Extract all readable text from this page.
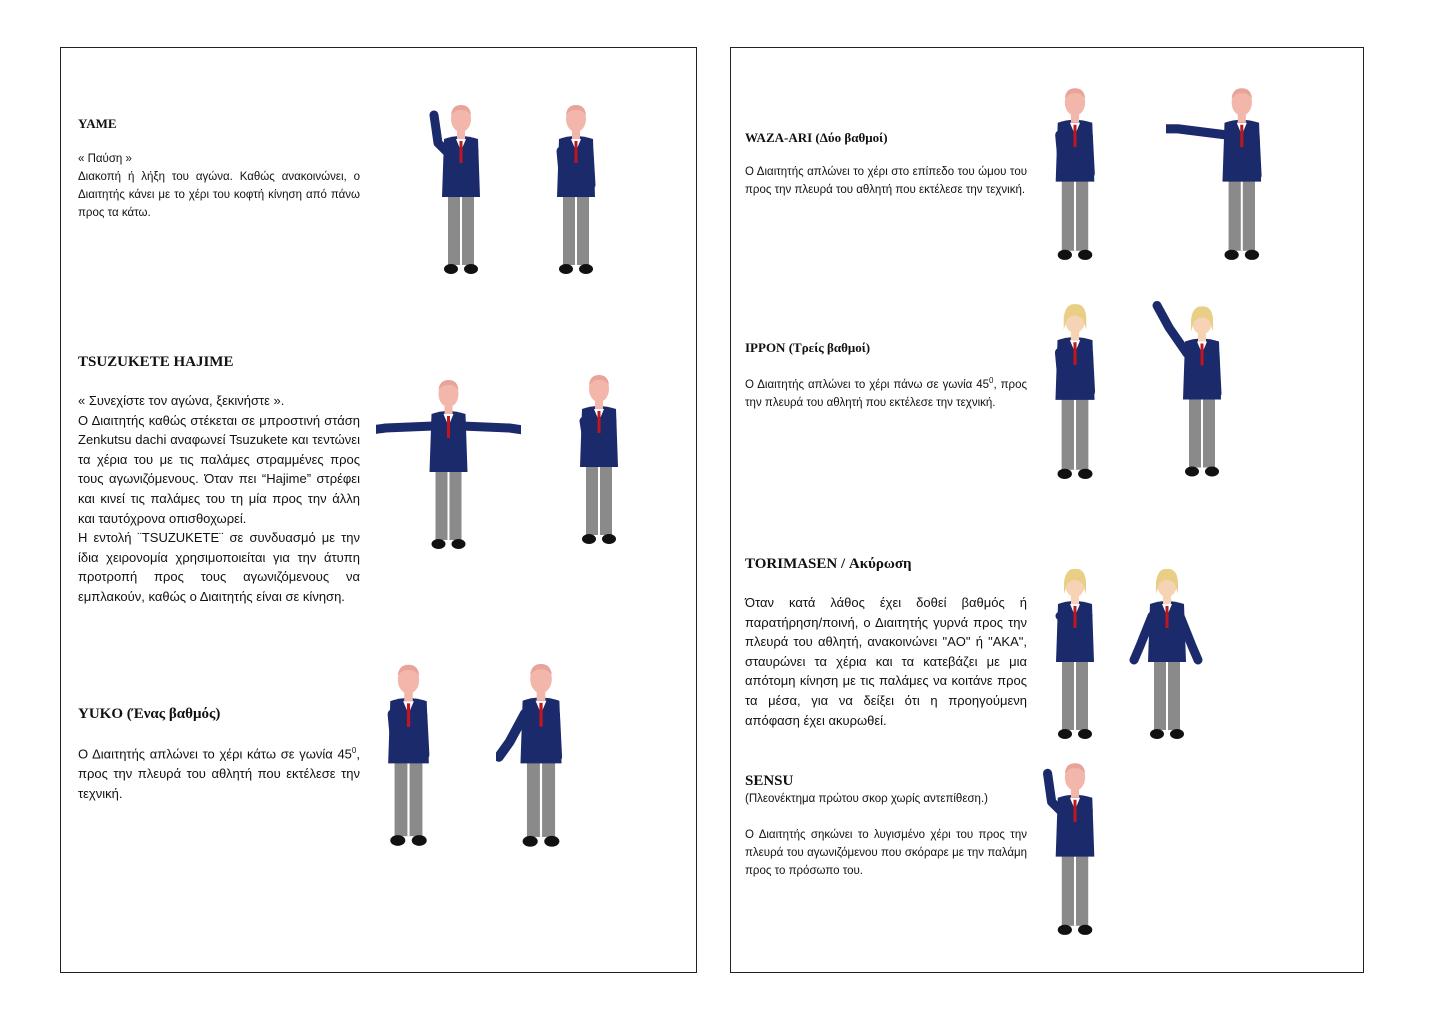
YAME

« Παύση »

Διακοπή ή λήξη του αγώνα. Καθώς ανακοινώνει, ο Διαιτητής κάνει με το χέρι του κοφτή κίνηση από πάνω προς τα κάτω.

TSUZUKETE HAJIME

« Συνεχίστε τον αγώνα, ξεκινήστε ».

Ο Διαιτητής καθώς στέκεται σε μπροστινή στάση Zenkutsu dachi αναφωνεί Tsuzukete και τεντώνει τα χέρια του με τις παλάμες στραμμένες προς τους αγωνιζόμενους. Όταν πει “Hajime” στρέφει και κινεί τις παλάμες του τη μία προς την άλλη και ταυτόχρονα οπισθοχωρεί.

Η εντολή ¨TSUZUKETE¨ σε συνδυασμό με την ίδια χειρονομία χρησιμοποιείται για την άτυπη προτροπή προς τους αγωνιζόμενους να εμπλακούν, καθώς ο Διαιτητής είναι σε κίνηση.

YUKO (Ένας βαθμός)

Ο Διαιτητής απλώνει το χέρι κάτω σε γωνία $45^0$, προς την πλευρά του αθλητή που εκτέλεσε την τεχνική.

WAZA-ARI (Δύο βαθμοί)

Ο Διαιτητής απλώνει το χέρι στο επίπεδο του ώμου του προς την πλευρά του αθλητή που εκτέλεσε την τεχνική.

IPPON (Τρείς βαθμοί)

Ο Διαιτητής απλώνει το χέρι πάνω σε γωνία $45^0$, προς την πλευρά του αθλητή που εκτέλεσε την τεχνική.

TORIMASEN / Ακύρωση

Όταν κατά λάθος έχει δοθεί βαθμός ή παρατήρηση/ποινή, ο Διαιτητής γυρνά προς την πλευρά του αθλητή, ανακοινώνει "AO" ή "AKA", σταυρώνει τα χέρια και τα κατεβάζει με μια απότομη κίνηση με τις παλάμες να κοιτάνε προς τα μέσα, για να δείξει ότι η προηγούμενη απόφαση έχει ακυρωθεί.

SENSU

(Πλεονέκτημα πρώτου σκορ χωρίς αντεπίθεση.)

Ο Διαιτητής σηκώνει το λυγισμένο χέρι του προς την πλευρά του αγωνιζόμενου που σκόραρε με την παλάμη προς το πρόσωπο του.
